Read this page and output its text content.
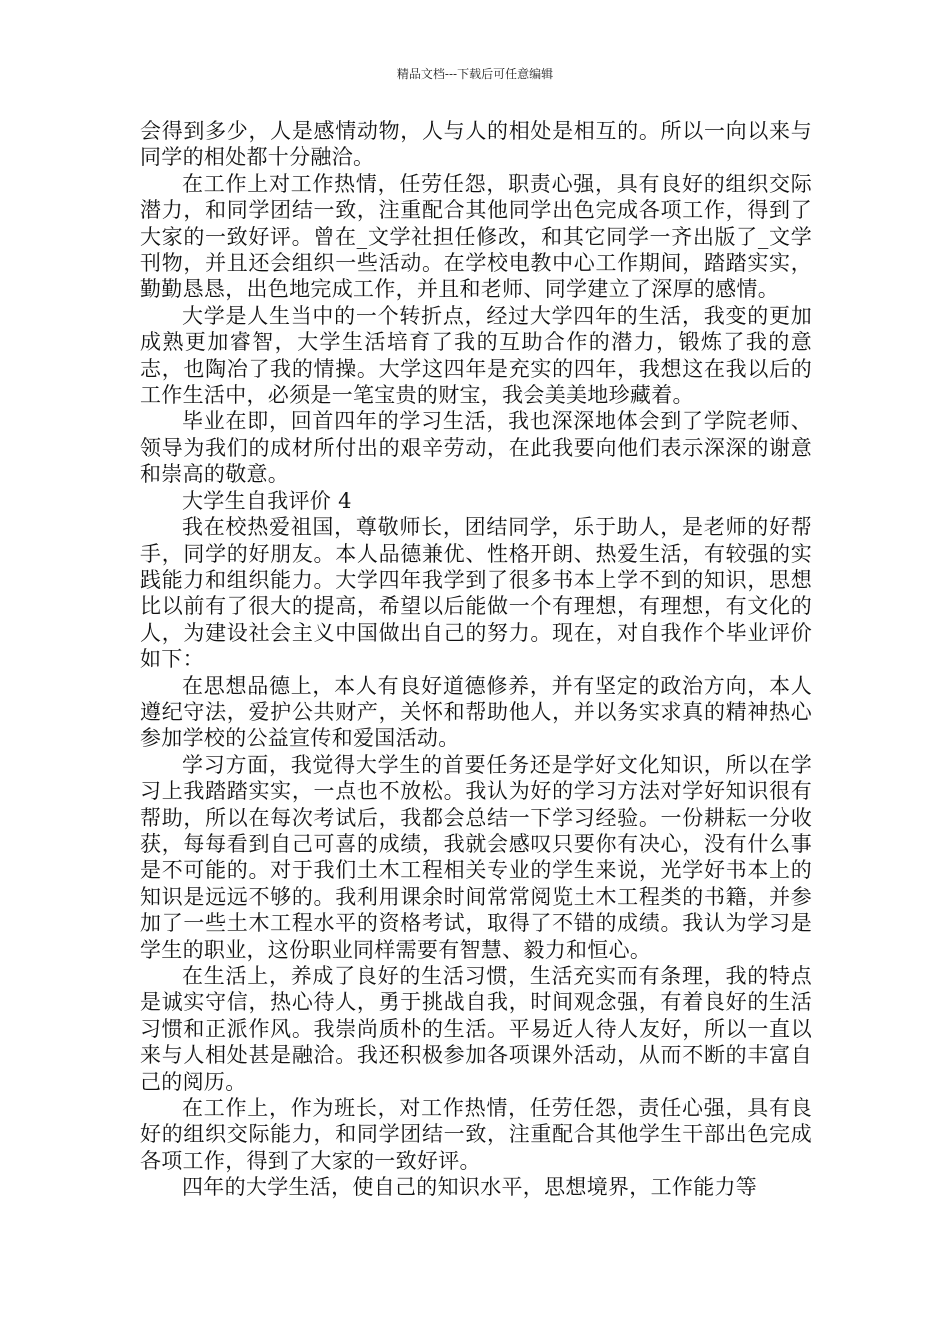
精品文档---下载后可任意编辑

会得到多少，人是感情动物，人与人的相处是相互的。所以一向以来与同学的相处都十分融洽。

在工作上对工作热情，任劳任怨，职责心强，具有良好的组织交际潜力，和同学团结一致，注重配合其他同学出色完成各项工作，得到了大家的一致好评。曾在_文学社担任修改，和其它同学一齐出版了_文学刊物，并且还会组织一些活动。在学校电教中心工作期间，踏踏实实，勤勤恳恳，出色地完成工作，并且和老师、同学建立了深厚的感情。

大学是人生当中的一个转折点，经过大学四年的生活，我变的更加成熟更加睿智，大学生活培育了我的互助合作的潜力，锻炼了我的意志，也陶冶了我的情操。大学这四年是充实的四年，我想这在我以后的工作生活中，必须是一笔宝贵的财宝，我会美美地珍藏着。

毕业在即，回首四年的学习生活，我也深深地体会到了学院老师、领导为我们的成材所付出的艰辛劳动，在此我要向他们表示深深的谢意和崇高的敬意。

大学生自我评价 4

我在校热爱祖国，尊敬师长，团结同学，乐于助人，是老师的好帮手，同学的好朋友。本人品德兼优、性格开朗、热爱生活，有较强的实践能力和组织能力。大学四年我学到了很多书本上学不到的知识，思想比以前有了很大的提高，希望以后能做一个有理想，有理想，有文化的人，为建设社会主义中国做出自己的努力。现在，对自我作个毕业评价如下：

在思想品德上，本人有良好道德修养，并有坚定的政治方向，本人遵纪守法，爱护公共财产，关怀和帮助他人，并以务实求真的精神热心参加学校的公益宣传和爱国活动。

学习方面，我觉得大学生的首要任务还是学好文化知识，所以在学习上我踏踏实实，一点也不放松。我认为好的学习方法对学好知识很有帮助，所以在每次考试后，我都会总结一下学习经验。一份耕耘一分收获，每每看到自己可喜的成绩，我就会感叹只要你有决心，没有什么事是不可能的。对于我们土木工程相关专业的学生来说，光学好书本上的知识是远远不够的。我利用课余时间常常阅览土木工程类的书籍，并参加了一些土木工程水平的资格考试，取得了不错的成绩。我认为学习是学生的职业，这份职业同样需要有智慧、毅力和恒心。

在生活上，养成了良好的生活习惯，生活充实而有条理，我的特点是诚实守信，热心待人，勇于挑战自我，时间观念强，有着良好的生活习惯和正派作风。我崇尚质朴的生活。平易近人待人友好，所以一直以来与人相处甚是融洽。我还积极参加各项课外活动，从而不断的丰富自己的阅历。

在工作上，作为班长，对工作热情，任劳任怨，责任心强，具有良好的组织交际能力，和同学团结一致，注重配合其他学生干部出色完成各项工作，得到了大家的一致好评。

四年的大学生活，使自己的知识水平，思想境界，工作能力等
